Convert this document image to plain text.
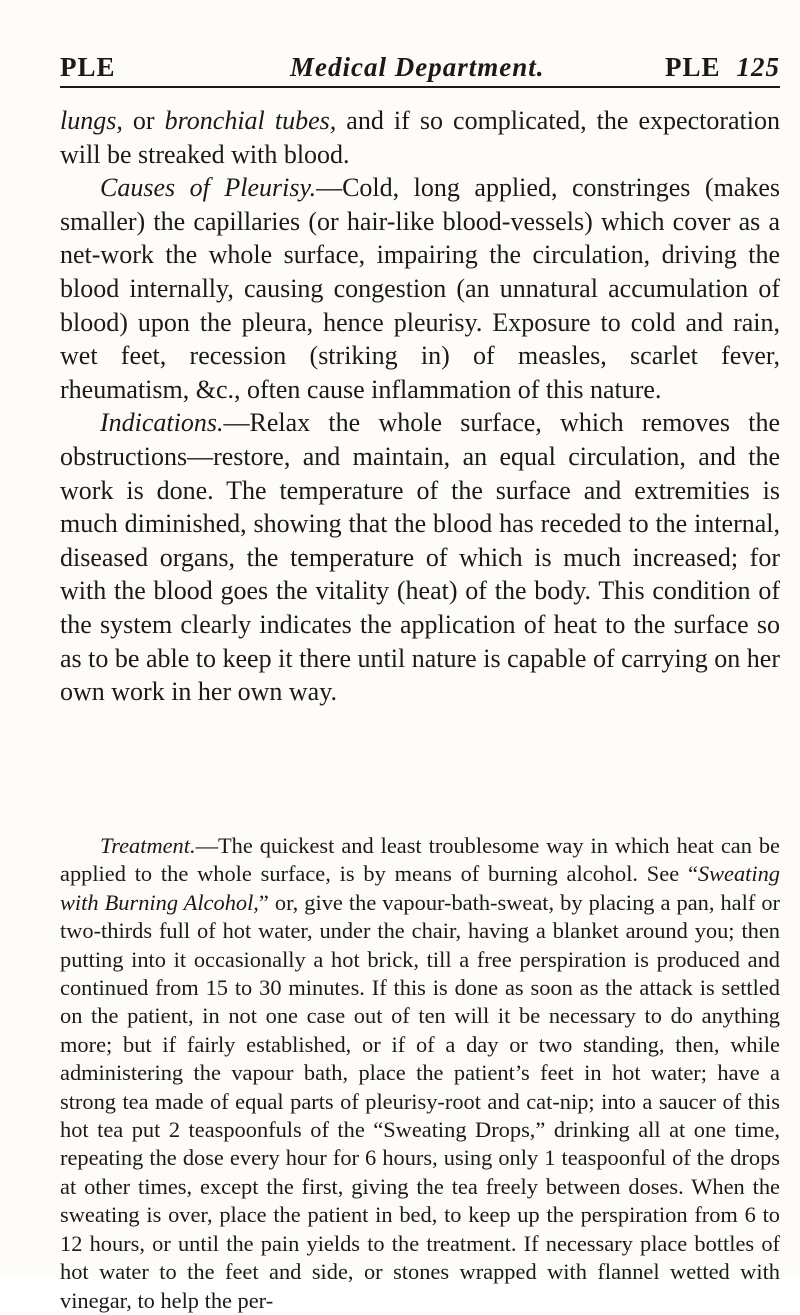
PLE	Medical Department.	PLE 125

lungs, or bronchial tubes, and if so complicated, the expectoration will be streaked with blood.

Causes of Pleurisy.—Cold, long applied, constringes (makes smaller) the capillaries (or hair-like blood-vessels) which cover as a net-work the whole surface, impairing the circulation, driving the blood internally, causing congestion (an unnatural accumulation of blood) upon the pleura, hence pleurisy. Exposure to cold and rain, wet feet, recession (striking in) of measles, scarlet fever, rheumatism, &c., often cause inflammation of this nature.

Indications.—Relax the whole surface, which removes the obstructions—restore, and maintain, an equal circulation, and the work is done. The temperature of the surface and extremities is much diminished, showing that the blood has receded to the internal, diseased organs, the temperature of which is much increased; for with the blood goes the vitality (heat) of the body. This condition of the system clearly indicates the application of heat to the surface so as to be able to keep it there until nature is capable of carrying on her own work in her own way.

Treatment.—The quickest and least troublesome way in which heat can be applied to the whole surface, is by means of burning alcohol. See “Sweating with Burning Alcohol,” or, give the vapour-bath-sweat, by placing a pan, half or two-thirds full of hot water, under the chair, having a blanket around you; then putting into it occasionally a hot brick, till a free perspiration is produced and continued from 15 to 30 minutes. If this is done as soon as the attack is settled on the patient, in not one case out of ten will it be necessary to do anything more; but if fairly established, or if of a day or two standing, then, while administering the vapour bath, place the patient’s feet in hot water; have a strong tea made of equal parts of pleurisy-root and cat-nip; into a saucer of this hot tea put 2 teaspoonfuls of the “Sweating Drops,” drinking all at one time, repeating the dose every hour for 6 hours, using only 1 teaspoonful of the drops at other times, except the first, giving the tea freely between doses. When the sweating is over, place the patient in bed, to keep up the perspiration from 6 to 12 hours, or until the pain yields to the treatment. If necessary place bottles of hot water to the feet and side, or stones wrapped with flannel wetted with vinegar, to help the per-
